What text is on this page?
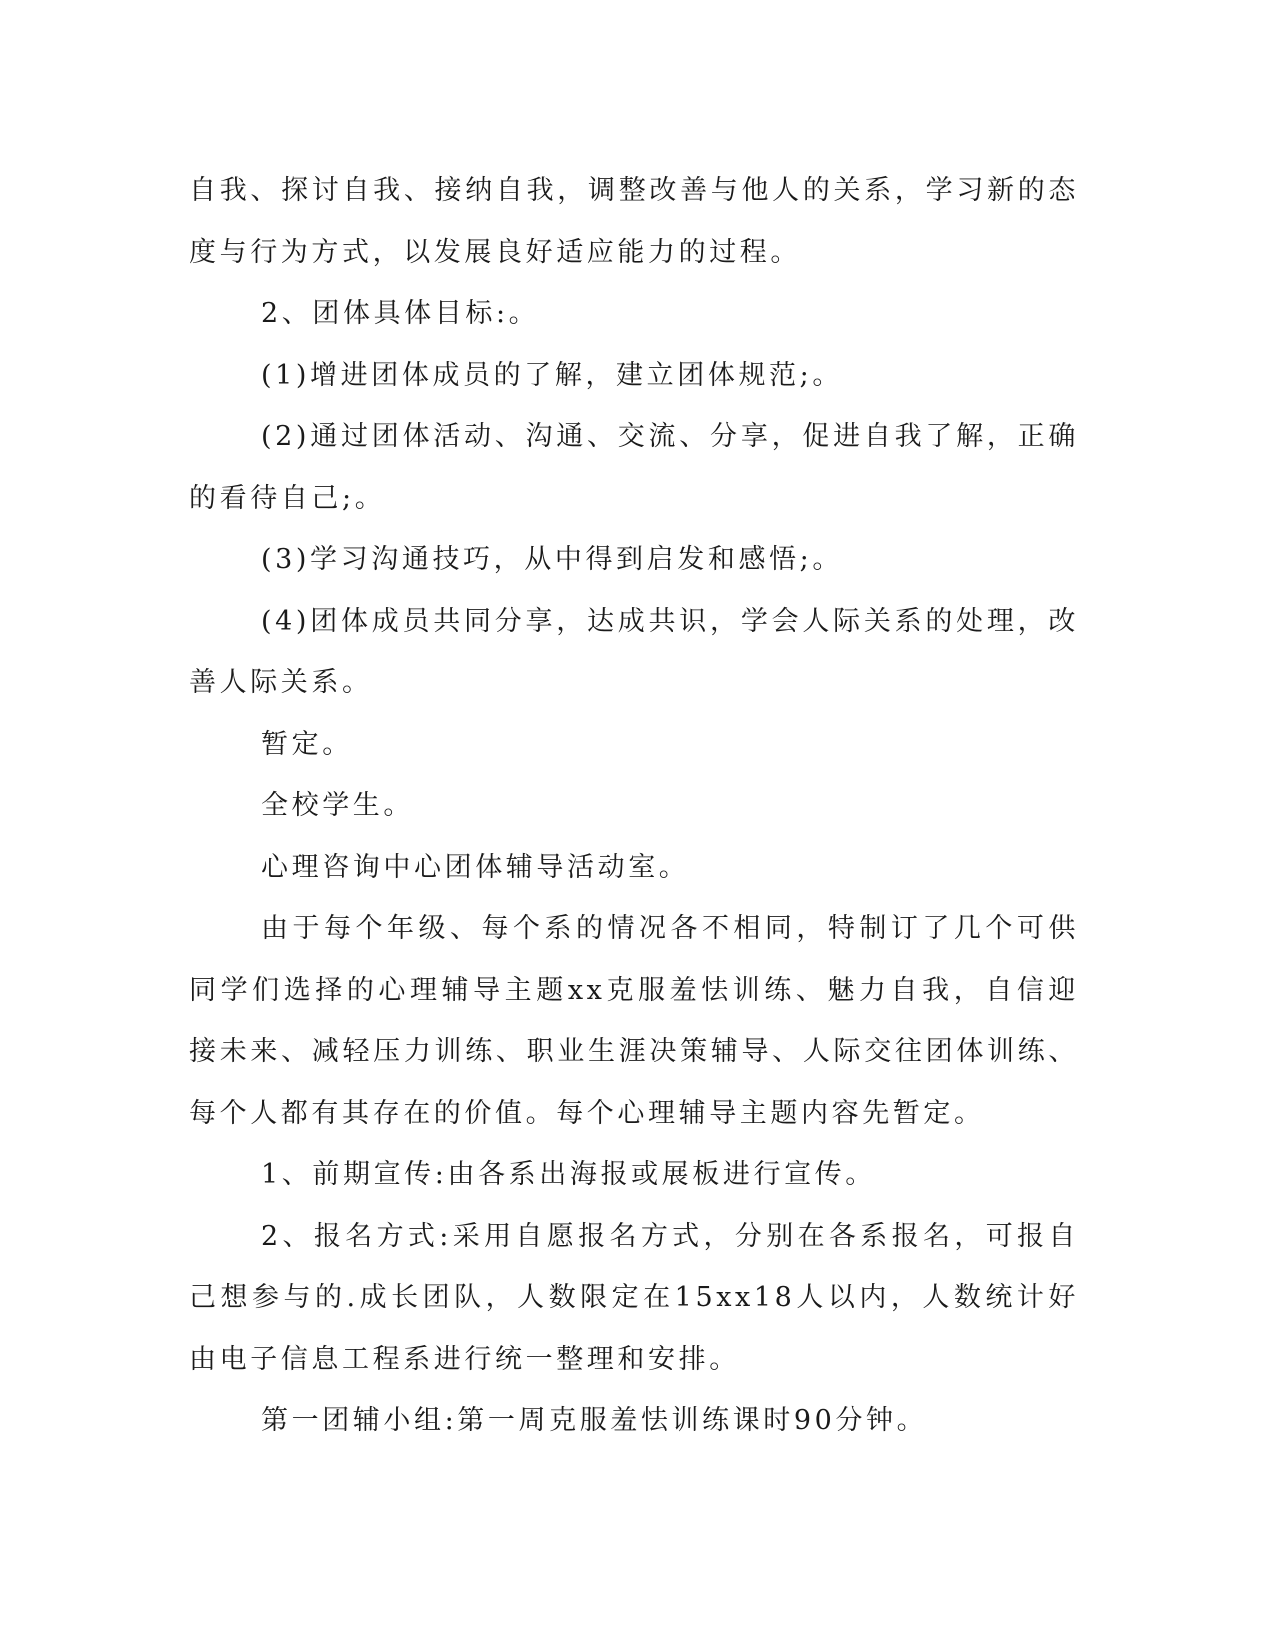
自我、探讨自我、接纳自我，调整改善与他人的关系，学习新的态度与行为方式，以发展良好适应能力的过程。

2、团体具体目标:。

(1)增进团体成员的了解，建立团体规范;。

(2)通过团体活动、沟通、交流、分享，促进自我了解，正确的看待自己;。

(3)学习沟通技巧，从中得到启发和感悟;。

(4)团体成员共同分享，达成共识，学会人际关系的处理，改善人际关系。

暂定。

全校学生。

心理咨询中心团体辅导活动室。

由于每个年级、每个系的情况各不相同，特制订了几个可供同学们选择的心理辅导主题xx克服羞怯训练、魅力自我，自信迎接未来、减轻压力训练、职业生涯决策辅导、人际交往团体训练、每个人都有其存在的价值。每个心理辅导主题内容先暂定。

1、前期宣传:由各系出海报或展板进行宣传。

2、报名方式:采用自愿报名方式，分别在各系报名，可报自己想参与的.成长团队，人数限定在15xx18人以内，人数统计好由电子信息工程系进行统一整理和安排。

第一团辅小组:第一周克服羞怯训练课时90分钟。
